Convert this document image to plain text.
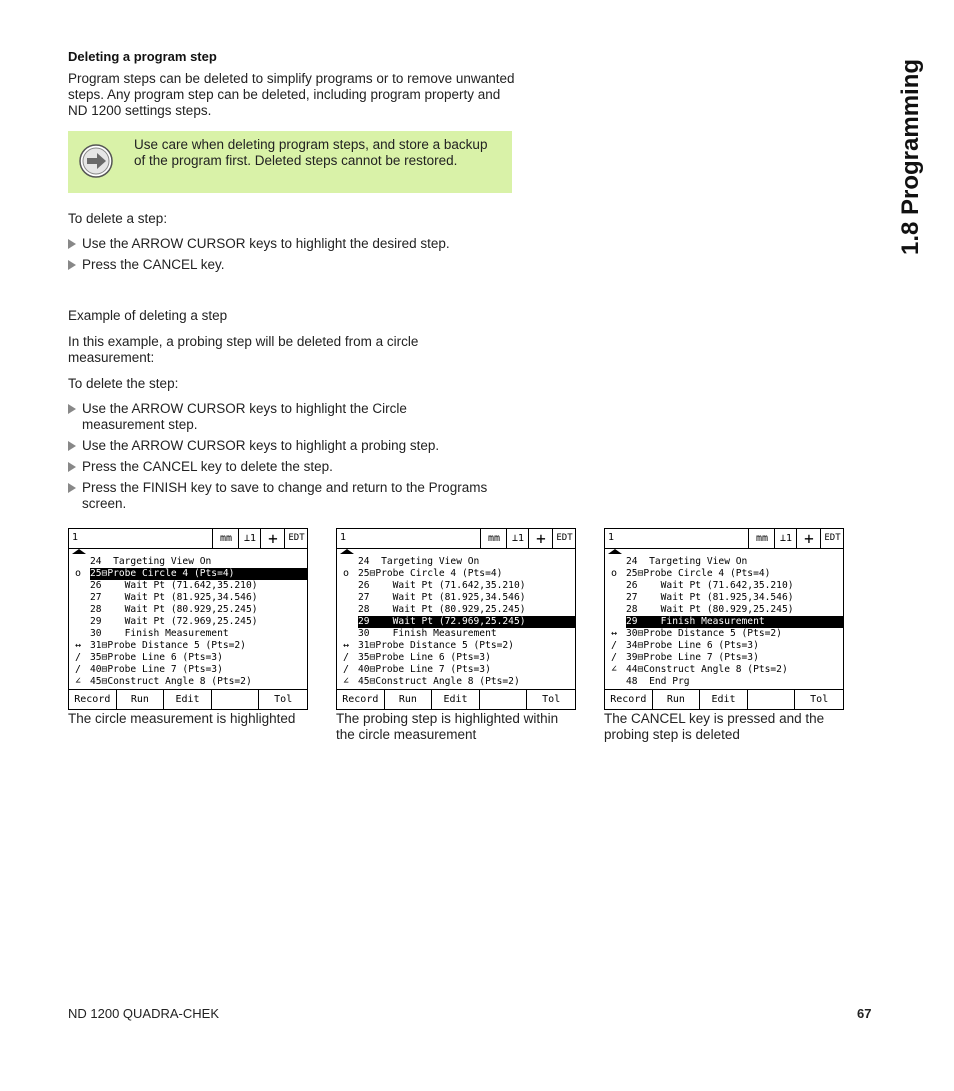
Deleting a program step
Program steps can be deleted to simplify programs or to remove unwanted steps. Any program step can be deleted, including program property and ND 1200 settings steps.
Use care when deleting program steps, and store a backup of the program first. Deleted steps cannot be restored.
To delete a step:
Use the ARROW CURSOR keys to highlight the desired step.
Press the CANCEL key.
Example of deleting a step
In this example, a probing step will be deleted from a circle measurement:
To delete the step:
Use the ARROW CURSOR keys to highlight the Circle measurement step.
Use the ARROW CURSOR keys to highlight a probing step.
Press the CANCEL key to delete the step.
Press the FINISH key to save to change and return to the Programs screen.
1.8 Programming
1	mm	⊥1 +	EDT
24  Targeting View On
o 25⊟Probe Circle 4 (Pts=4)
26    Wait Pt (71.642,35.210)
27    Wait Pt (81.925,34.546)
28    Wait Pt (80.929,25.245)
29    Wait Pt (72.969,25.245)
30    Finish Measurement
↔ 31⊟Probe Distance 5 (Pts=2)
/ 35⊟Probe Line 6 (Pts=3)
/ 40⊟Probe Line 7 (Pts=3)
∠ 45⊟Construct Angle 8 (Pts=2)
Record	Run	Edit	Tol
1	mm	⊥1 +	EDT
24  Targeting View On
o 25⊟Probe Circle 4 (Pts=4)
26    Wait Pt (71.642,35.210)
27    Wait Pt (81.925,34.546)
28    Wait Pt (80.929,25.245)
29    Wait Pt (72.969,25.245)
30    Finish Measurement
↔ 31⊟Probe Distance 5 (Pts=2)
/ 35⊟Probe Line 6 (Pts=3)
/ 40⊟Probe Line 7 (Pts=3)
∠ 45⊟Construct Angle 8 (Pts=2)
Record	Run	Edit	Tol
1	mm	⊥1 +	EDT
24  Targeting View On
o 25⊟Probe Circle 4 (Pts=4)
26    Wait Pt (71.642,35.210)
27    Wait Pt (81.925,34.546)
28    Wait Pt (80.929,25.245)
29    Finish Measurement
↔ 30⊟Probe Distance 5 (Pts=2)
/ 34⊟Probe Line 6 (Pts=3)
/ 39⊟Probe Line 7 (Pts=3)
∠ 44⊟Construct Angle 8 (Pts=2)
48  End Prg
Record	Run	Edit	Tol
The circle measurement is highlighted	The probing step is highlighted within the circle measurement
The CANCEL key is pressed and the probing step is deleted
ND 1200 QUADRA-CHEK	67
